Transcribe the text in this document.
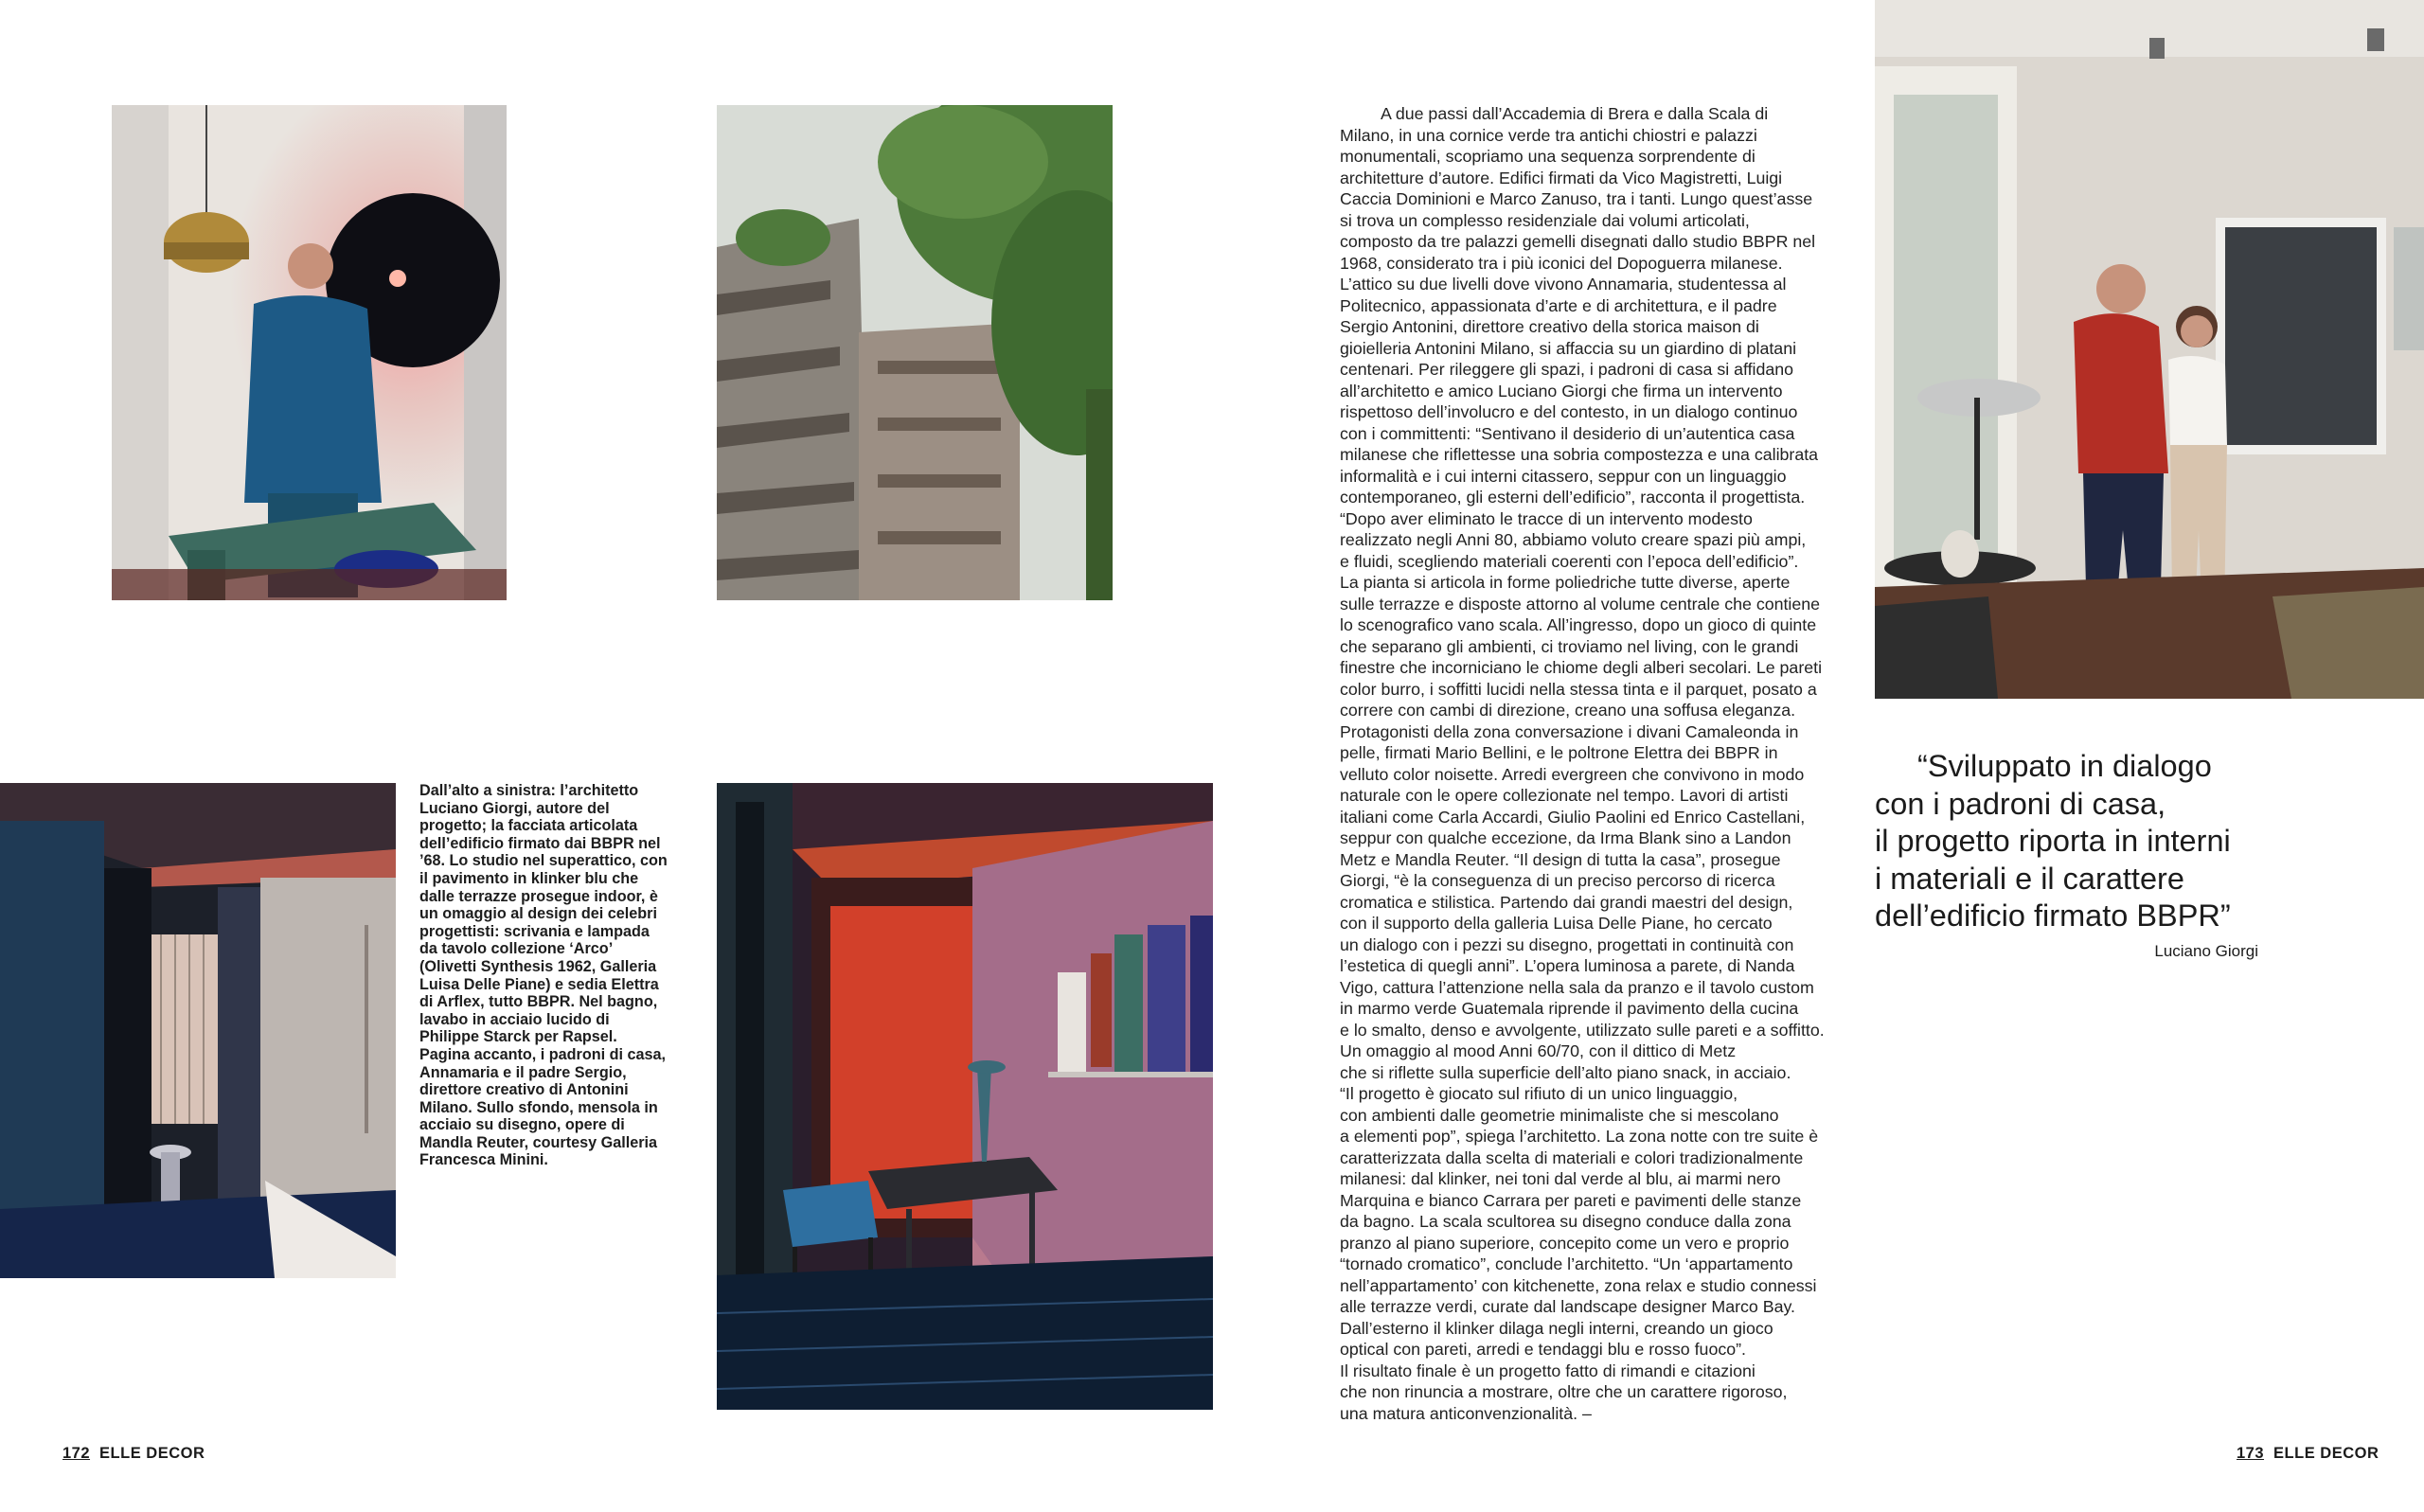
Dall’alto a sinistra: l’architetto Luciano Giorgi, autore del progetto; la facciata articolata dell’edificio firmato dai BBPR nel ’68. Lo studio nel superattico, con il pavimento in klinker blu che dalle terrazze prosegue indoor, è un omaggio al design dei celebri progettisti: scrivania e lampada da tavolo collezione ‘Arco’ (Olivetti Synthesis 1962, Galleria Luisa Delle Piane) e sedia Elettra di Arflex, tutto BBPR. Nel bagno, lavabo in acciaio lucido di Philippe Starck per Rapsel. Pagina accanto, i padroni di casa, Annamaria e il padre Sergio, direttore creativo di Antonini Milano. Sullo sfondo, mensola in acciaio su disegno, opere di Mandla Reuter, courtesy Galleria Francesca Minini.
A due passi dall’Accademia di Brera e dalla Scala di
Milano, in una cornice verde tra antichi chiostri e palazzi
monumentali, scopriamo una sequenza sorprendente di
architetture d’autore. Edifici firmati da Vico Magistretti, Luigi
Caccia Dominioni e Marco Zanuso, tra i tanti. Lungo quest’asse
si trova un complesso residenziale dai volumi articolati,
composto da tre palazzi gemelli disegnati dallo studio BBPR nel
1968, considerato tra i più iconici del Dopoguerra milanese.
L’attico su due livelli dove vivono Annamaria, studentessa al
Politecnico, appassionata d’arte e di architettura, e il padre
Sergio Antonini, direttore creativo della storica maison di
gioielleria Antonini Milano, si affaccia su un giardino di platani
centenari. Per rileggere gli spazi, i padroni di casa si affidano
all’architetto e amico Luciano Giorgi che firma un intervento
rispettoso dell’involucro e del contesto, in un dialogo continuo
con i committenti: “Sentivano il desiderio di un’autentica casa
milanese che riflettesse una sobria compostezza e una calibrata
informalità e i cui interni citassero, seppur con un linguaggio
contemporaneo, gli esterni dell’edificio”, racconta il progettista.
“Dopo aver eliminato le tracce di un intervento modesto
realizzato negli Anni 80, abbiamo voluto creare spazi più ampi,
e fluidi, scegliendo materiali coerenti con l’epoca dell’edificio”.
La pianta si articola in forme poliedriche tutte diverse, aperte
sulle terrazze e disposte attorno al volume centrale che contiene
lo scenografico vano scala. All’ingresso, dopo un gioco di quinte
che separano gli ambienti, ci troviamo nel living, con le grandi
finestre che incorniciano le chiome degli alberi secolari. Le pareti
color burro, i soffitti lucidi nella stessa tinta e il parquet, posato a
correre con cambi di direzione, creano una soffusa eleganza.
Protagonisti della zona conversazione i divani Camaleonda in
pelle, firmati Mario Bellini, e le poltrone Elettra dei BBPR in
velluto color noisette. Arredi evergreen che convivono in modo
naturale con le opere collezionate nel tempo. Lavori di artisti
italiani come Carla Accardi, Giulio Paolini ed Enrico Castellani,
seppur con qualche eccezione, da Irma Blank sino a Landon
Metz e Mandla Reuter. “Il design di tutta la casa”, prosegue
Giorgi, “è la conseguenza di un preciso percorso di ricerca
cromatica e stilistica. Partendo dai grandi maestri del design,
con il supporto della galleria Luisa Delle Piane, ho cercato
un dialogo con i pezzi su disegno, progettati in continuità con
l’estetica di quegli anni”. L’opera luminosa a parete, di Nanda
Vigo, cattura l’attenzione nella sala da pranzo e il tavolo custom
in marmo verde Guatemala riprende il pavimento della cucina
e lo smalto, denso e avvolgente, utilizzato sulle pareti e a soffitto.
Un omaggio al mood Anni 60/70, con il dittico di Metz
che si riflette sulla superficie dell’alto piano snack, in acciaio.
“Il progetto è giocato sul rifiuto di un unico linguaggio,
con ambienti dalle geometrie minimaliste che si mescolano
a elementi pop”, spiega l’architetto. La zona notte con tre suite è
caratterizzata dalla scelta di materiali e colori tradizionalmente
milanesi: dal klinker, nei toni dal verde al blu, ai marmi nero
Marquina e bianco Carrara per pareti e pavimenti delle stanze
da bagno. La scala scultorea su disegno conduce dalla zona
pranzo al piano superiore, concepito come un vero e proprio
“tornado cromatico”, conclude l’architetto. “Un ‘appartamento
nell’appartamento’ con kitchenette, zona relax e studio connessi
alle terrazze verdi, curate dal landscape designer Marco Bay.
Dall’esterno il klinker dilaga negli interni, creando un gioco
optical con pareti, arredi e tendaggi blu e rosso fuoco”.
Il risultato finale è un progetto fatto di rimandi e citazioni
che non rinuncia a mostrare, oltre che un carattere rigoroso,
una matura anticonvenzionalità. –
“Sviluppato in dialogo
con i padroni di casa,
il progetto riporta in interni
i materiali e il carattere
dell’edificio firmato BBPR”
Luciano Giorgi
172 ELLE DECOR	173 ELLE DECOR
